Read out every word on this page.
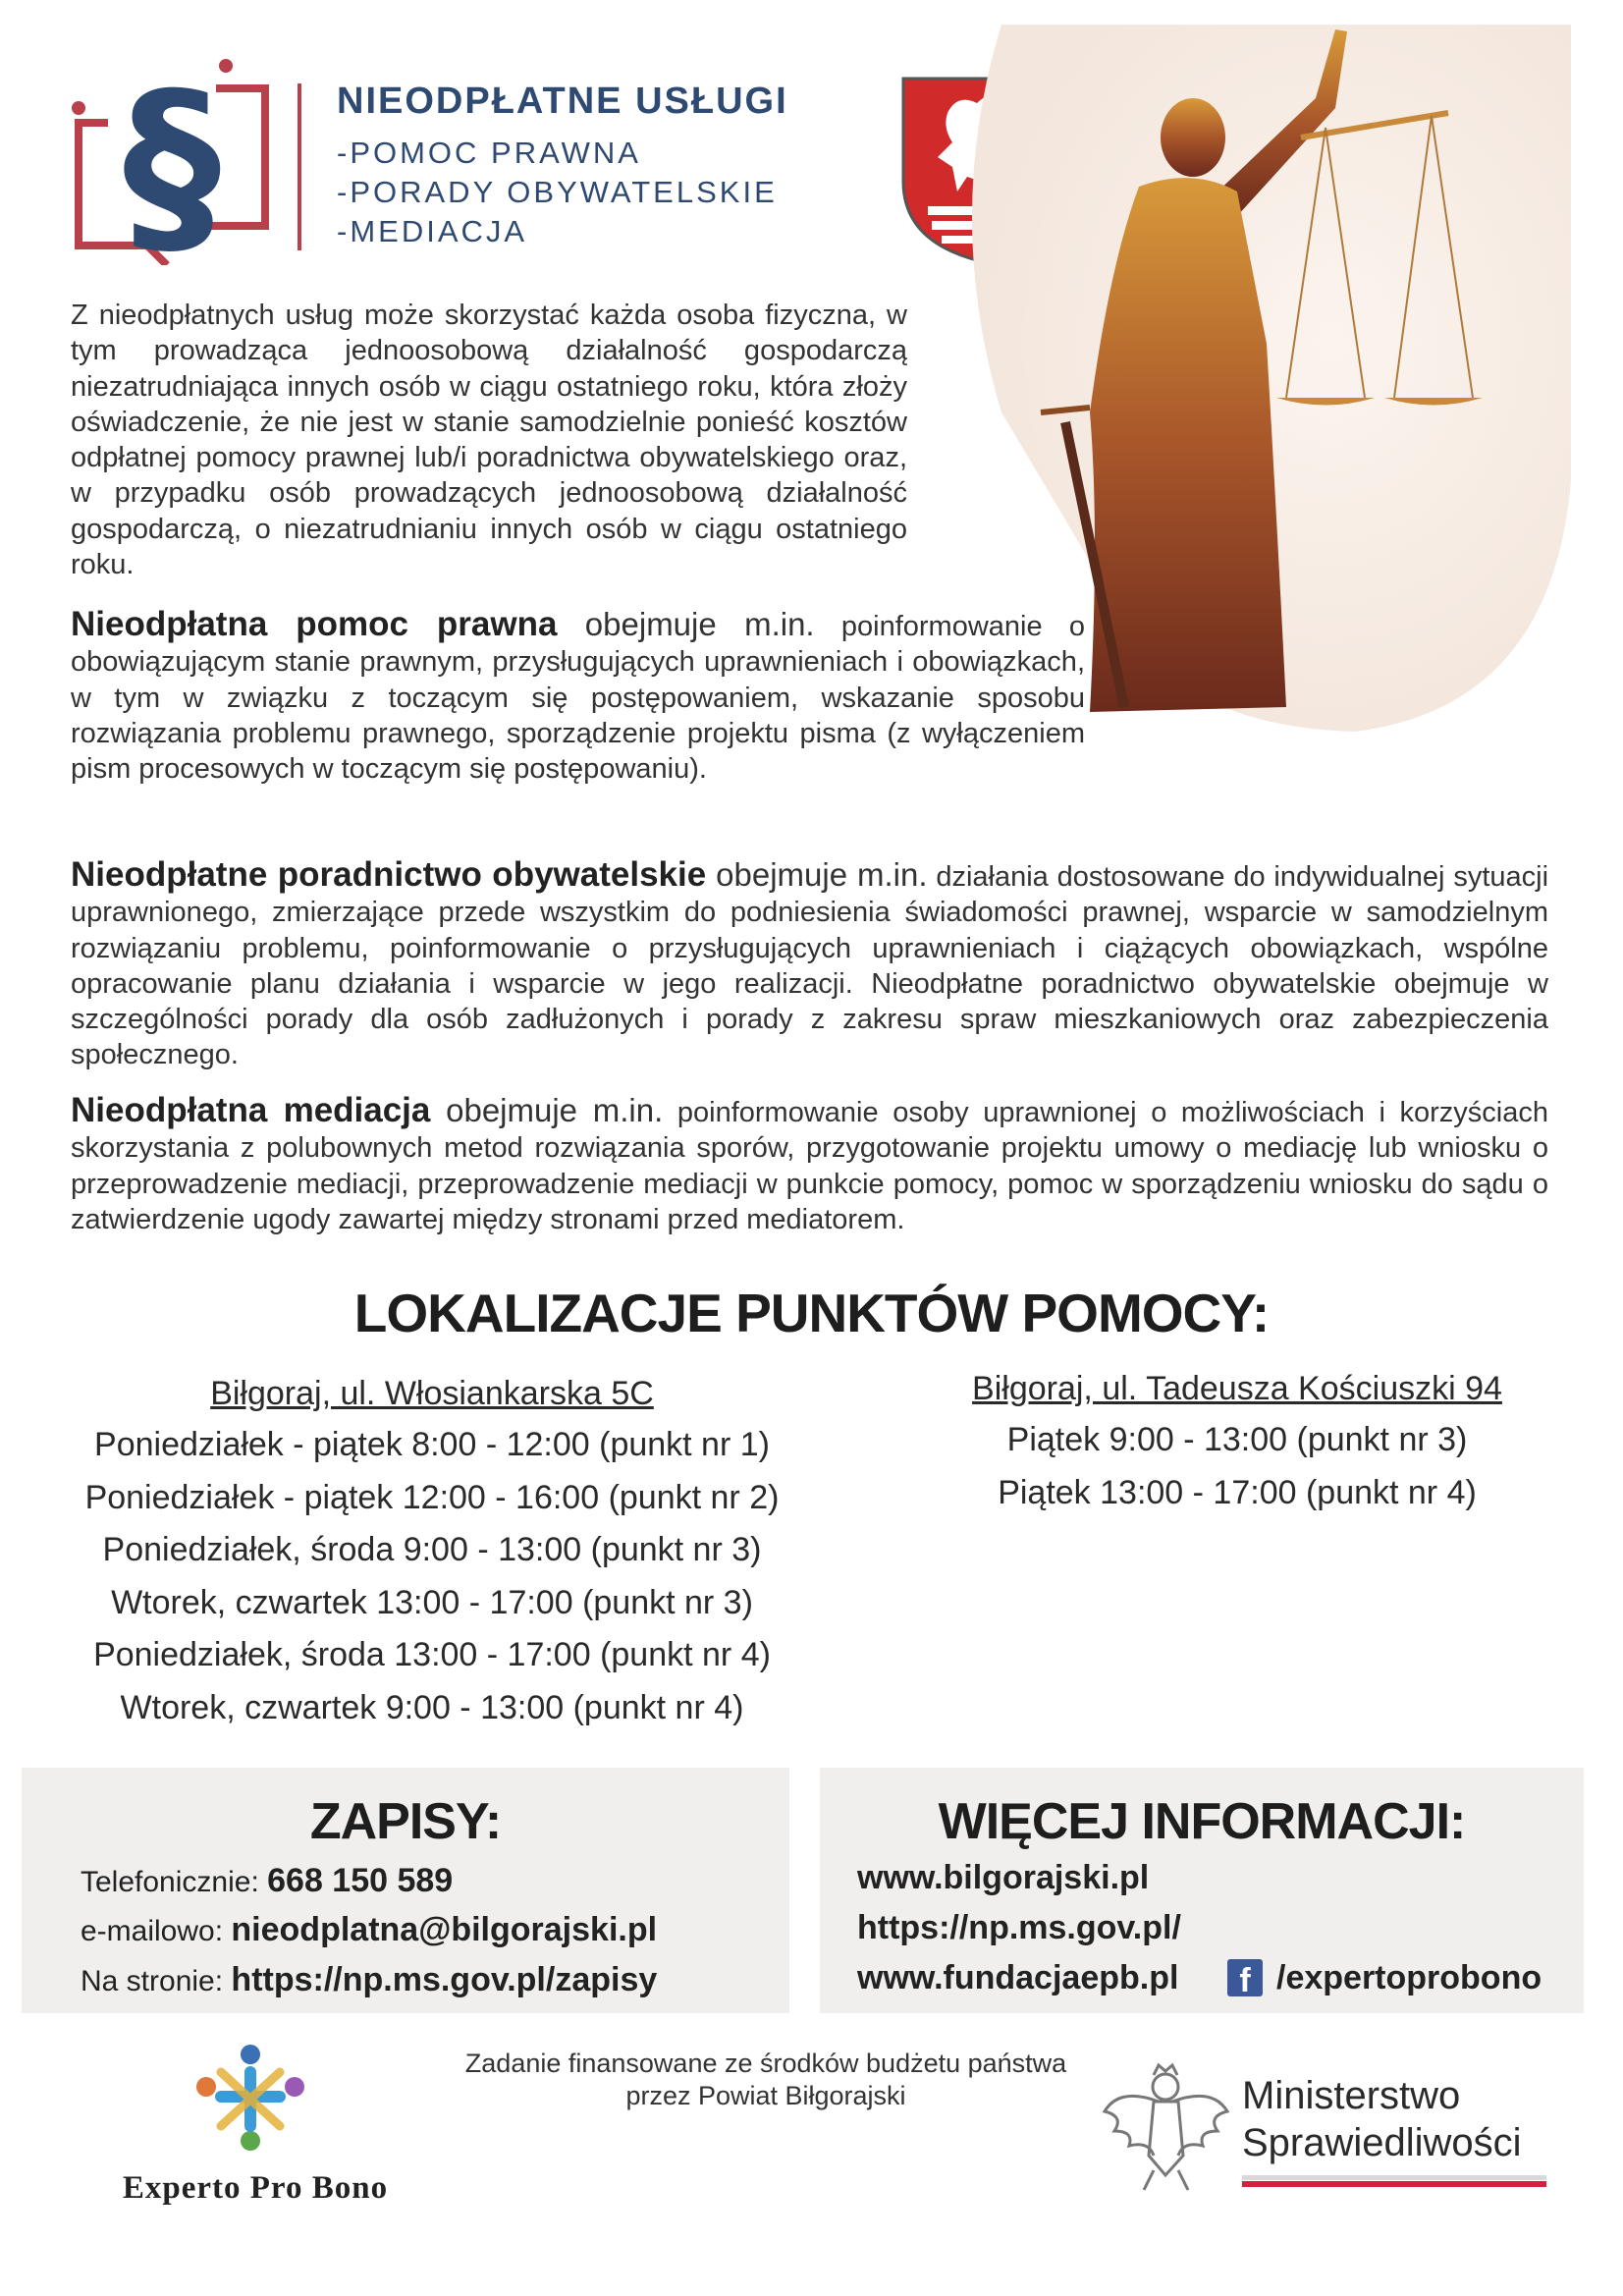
§	NIEODPŁATNE USŁUGI
-POMOC PRAWNA
-PORADY OBYWATELSKIE
-MEDIACJA
Z nieodpłatnych usług może skorzystać każda osoba fizyczna, w tym prowadząca jednoosobową działalność gospodarczą niezatrudniająca innych osób w ciągu ostatniego roku, która złoży oświadczenie, że nie jest w stanie samodzielnie ponieść kosztów odpłatnej pomocy prawnej lub/i poradnictwa obywatelskiego oraz, w przypadku osób prowadzących jednoosobową działalność gospodarczą, o niezatrudnianiu innych osób w ciągu ostatniego roku.
Nieodpłatna pomoc prawna obejmuje m.in. poinformowanie o obowiązującym stanie prawnym, przysługujących uprawnieniach i obowiązkach, w tym w związku z toczącym się postępowaniem, wskazanie sposobu rozwiązania problemu prawnego, sporządzenie projektu pisma (z wyłączeniem pism procesowych w toczącym się postępowaniu).
Nieodpłatne poradnictwo obywatelskie obejmuje m.in. działania dostosowane do indywidualnej sytuacji uprawnionego, zmierzające przede wszystkim do podniesienia świadomości prawnej, wsparcie w samodzielnym rozwiązaniu problemu, poinformowanie o przysługujących uprawnieniach i ciążących obowiązkach, wspólne opracowanie planu działania i wsparcie w jego realizacji. Nieodpłatne poradnictwo obywatelskie obejmuje w szczególności porady dla osób zadłużonych i porady z zakresu spraw mieszkaniowych oraz zabezpieczenia społecznego.
Nieodpłatna mediacja obejmuje m.in. poinformowanie osoby uprawnionej o możliwościach i korzyściach skorzystania z polubownych metod rozwiązania sporów, przygotowanie projektu umowy o mediację lub wniosku o przeprowadzenie mediacji, przeprowadzenie mediacji w punkcie pomocy, pomoc w sporządzeniu wniosku do sądu o zatwierdzenie ugody zawartej między stronami przed mediatorem.
LOKALIZACJE PUNKTÓW POMOCY:
Biłgoraj, ul. Włosiankarska 5C
Poniedziałek - piątek 8:00 - 12:00 (punkt nr 1)
Poniedziałek - piątek 12:00 - 16:00 (punkt nr 2)
Poniedziałek, środa 9:00 - 13:00 (punkt nr 3)
Wtorek, czwartek 13:00 - 17:00 (punkt nr 3)
Poniedziałek, środa 13:00 - 17:00 (punkt nr 4)
Wtorek, czwartek 9:00 - 13:00 (punkt nr 4)
Biłgoraj, ul. Tadeusza Kościuszki 94
Piątek 9:00 - 13:00 (punkt nr 3)
Piątek 13:00 - 17:00 (punkt nr 4)
ZAPISY:
Telefonicznie: 668 150 589
e-mailowo: nieodplatna@bilgorajski.pl
Na stronie: https://np.ms.gov.pl/zapisy
WIĘCEJ INFORMACJI:
www.bilgorajski.pl
https://np.ms.gov.pl/
www.fundacjaepb.pl	f /expertoprobono
Experto Pro Bono
Zadanie finansowane ze środków budżetu państwa
przez Powiat Biłgorajski	Ministerstwo
Sprawiedliwości
